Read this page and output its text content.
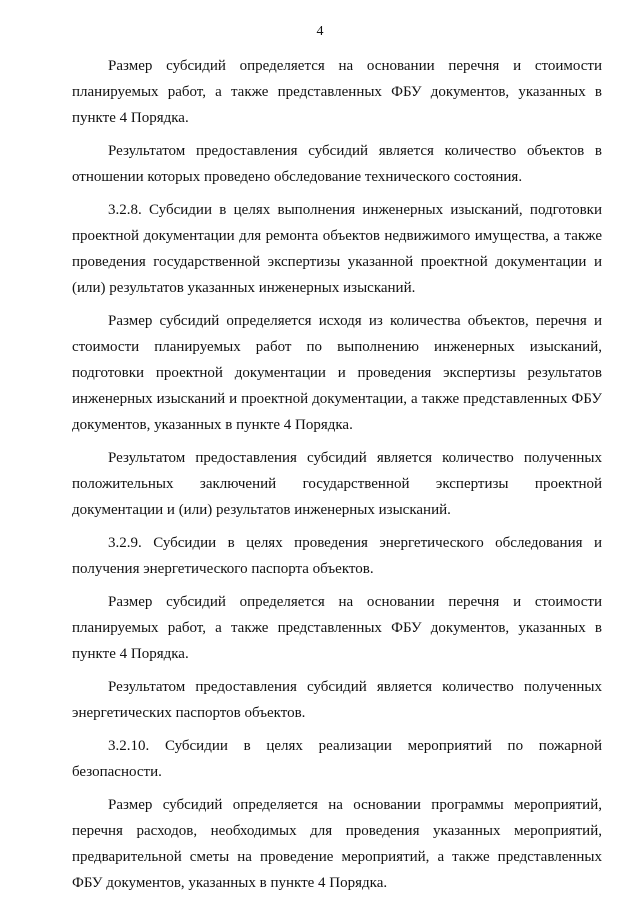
4

Размер субсидий определяется на основании перечня и стоимости планируемых работ, а также представленных ФБУ документов, указанных в пункте 4 Порядка.

Результатом предоставления субсидий является количество объектов в отношении которых проведено обследование технического состояния.

3.2.8. Субсидии в целях выполнения инженерных изысканий, подготовки проектной документации для ремонта объектов недвижимого имущества, а также проведения государственной экспертизы указанной проектной документации и (или) результатов указанных инженерных изысканий.

Размер субсидий определяется исходя из количества объектов, перечня и стоимости планируемых работ по выполнению инженерных изысканий, подготовки проектной документации и проведения экспертизы результатов инженерных изысканий и проектной документации, а также представленных ФБУ документов, указанных в пункте 4 Порядка.

Результатом предоставления субсидий является количество полученных положительных заключений государственной экспертизы проектной документации и (или) результатов инженерных изысканий.

3.2.9. Субсидии в целях проведения энергетического обследования и получения энергетического паспорта объектов.

Размер субсидий определяется на основании перечня и стоимости планируемых работ, а также представленных ФБУ документов, указанных в пункте 4 Порядка.

Результатом предоставления субсидий является количество полученных энергетических паспортов объектов.

3.2.10. Субсидии в целях реализации мероприятий по пожарной безопасности.

Размер субсидий определяется на основании программы мероприятий, перечня расходов, необходимых для проведения указанных мероприятий, предварительной сметы на проведение мероприятий, а также представленных ФБУ документов, указанных в пункте 4 Порядка.
